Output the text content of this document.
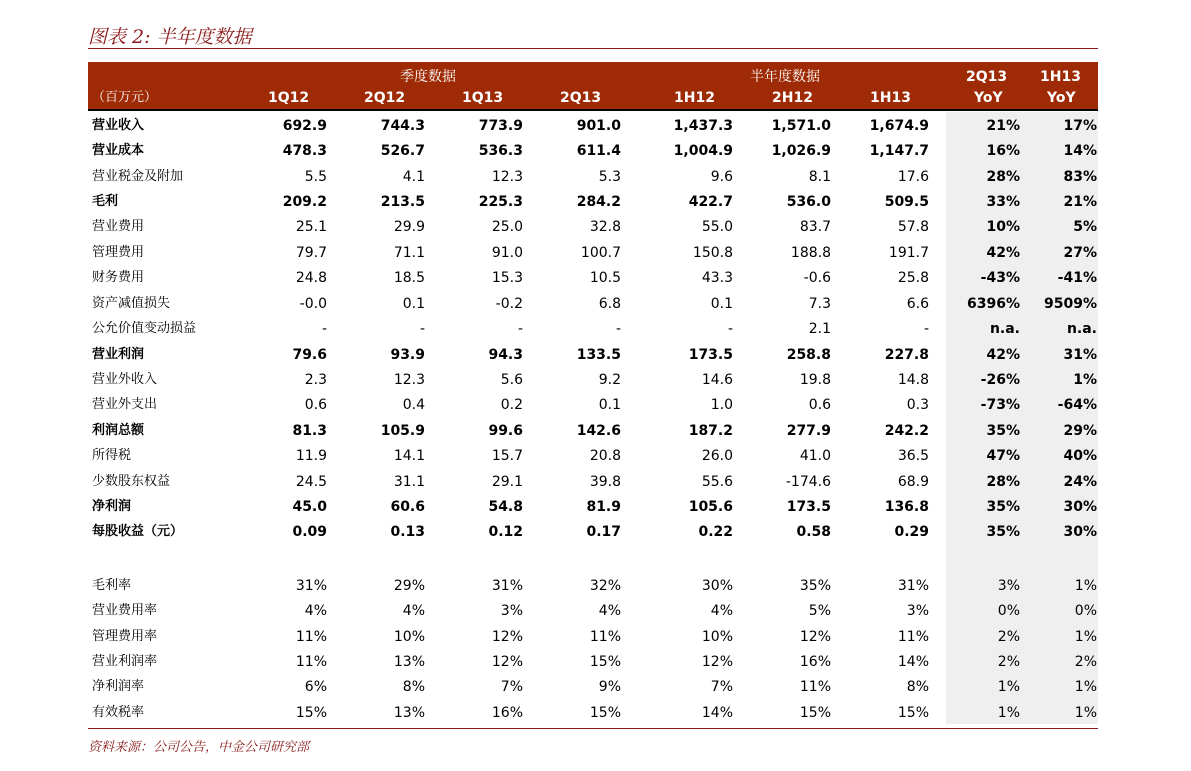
图表 2: 半年度数据
季度数据	半年度数据	2Q13 1H13
（百万元）	1Q12	2Q12	1Q13	2Q13	1H12	2H12	1H13	YoY	YoY
营业收入	692.9	744.3	773.9	901.0	1,437.3	1,571.0	1,674.9	21%	17%
营业成本	478.3	526.7	536.3	611.4	1,004.9	1,026.9	1,147.7	16%	14%
营业税金及附加	5.5	4.1	12.3	5.3	9.6	8.1	17.6	28%	83%
毛利	209.2	213.5	225.3	284.2	422.7	536.0	509.5	33%	21%
营业费用	25.1	29.9	25.0	32.8	55.0	83.7	57.8	10%	5%
管理费用	79.7	71.1	91.0	100.7	150.8	188.8	191.7	42%	27%
财务费用	24.8	18.5	15.3	10.5	43.3	-0.6	25.8	-43%	-41%
资产减值损失	-0.0	0.1	-0.2	6.8	0.1	7.3	6.6	6396%	9509%
公允价值变动损益	-	-	-	-	-	2.1	-	n.a.	n.a.
营业利润	79.6	93.9	94.3	133.5	173.5	258.8	227.8	42%	31%
营业外收入	2.3	12.3	5.6	9.2	14.6	19.8	14.8	-26%	1%
营业外支出	0.6	0.4	0.2	0.1	1.0	0.6	0.3	-73%	-64%
利润总额	81.3	105.9	99.6	142.6	187.2	277.9	242.2	35%	29%
所得税	11.9	14.1	15.7	20.8	26.0	41.0	36.5	47%	40%
少数股东权益	24.5	31.1	29.1	39.8	55.6	-174.6	68.9	28%	24%
净利润	45.0	60.6	54.8	81.9	105.6	173.5	136.8	35%	30%
每股收益（元）	0.09	0.13	0.12	0.17	0.22	0.58	0.29	35%	30%
毛利率	31%	29%	31%	32%	30%	35%	31%	3%	1%
营业费用率	4%	4%	3%	4%	4%	5%	3%	0%	0%
管理费用率	11%	10%	12%	11%	10%	12%	11%	2%	1%
营业利润率	11%	13%	12%	15%	12%	16%	14%	2%	2%
净利润率	6%	8%	7%	9%	7%	11%	8%	1%	1%
有效税率	15%	13%	16%	15%	14%	15%	15%	1%	1%
资料来源：公司公告，中金公司研究部
